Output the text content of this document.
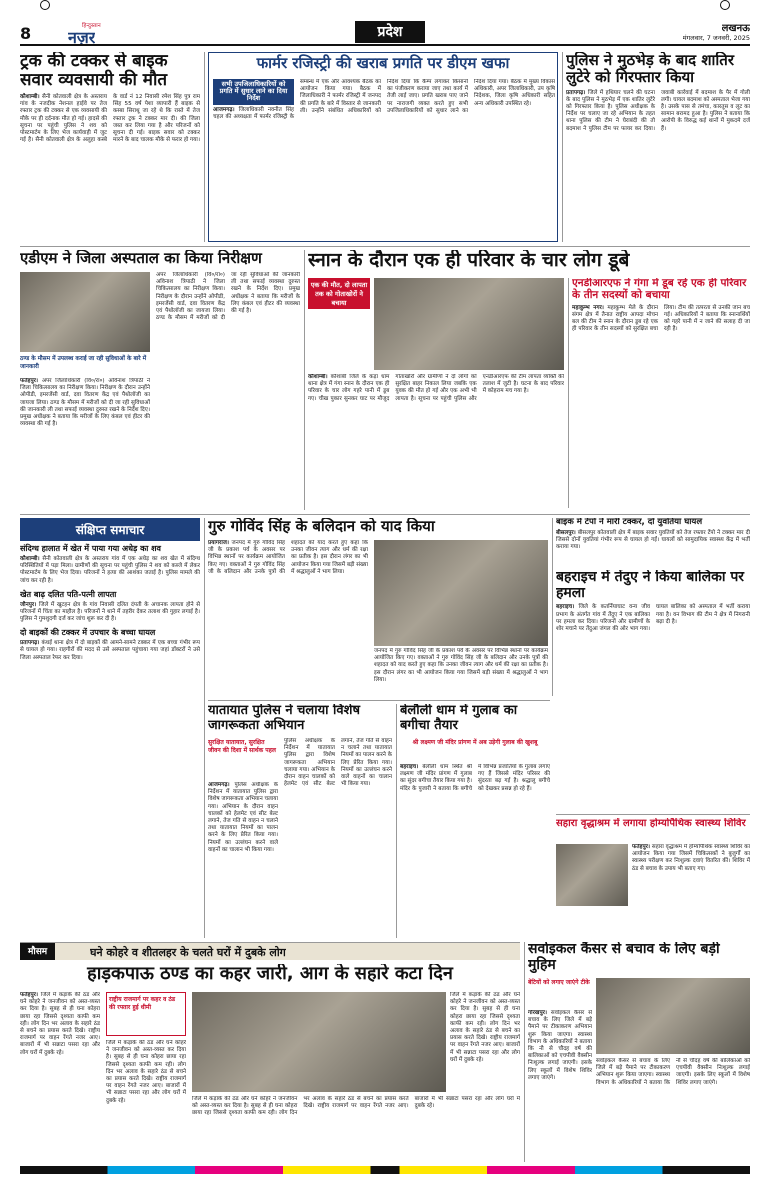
8	हिन्दुस्तान
नज़र	प्रदेश	लखनऊ
मंगलवार, 7 जनवरी, 2025
ट्रक की टक्कर से बाइक सवार व्यवसायी की मौत
कौशाम्बी। सैनी कोतवाली क्षेत्र के अस्तराय गांव के नजदीक नेशनल हाईवे पर तेज रफ्तार ट्रक की टक्कर से एक व्यवसायी की मौके पर ही दर्दनाक मौत हो गई। हादसे की सूचना पर पहुंची पुलिस ने शव को पोस्टमार्टम के लिए भेज कार्यवाही में जुट गई है। सैनी कोतवाली क्षेत्र के अलुहा कस्बे के वार्ड नं 12 निवासी रमेश सिंह पुत्र राम सिंह 55 वर्ष पेशा व्यापारी हैं बाइक से कस्बा सिराथू जा रहे थे कि रास्ते में तेज रफ्तार ट्रक ने टक्कर मार दी। की जिला जब्त कर लिया गया है और परिजनों को सूचना दी गई। बाइक सवार को टक्कर मारने के बाद चालक मौके से फरार हो गया।
फार्मर रजिस्ट्री की खराब प्रगति पर डीएम खफा
सभी उपजिलाधिकारियों को प्रगति में सुधार लाने का दिया निर्देश
आजमगढ़। जिलाधिकारी नवनीत सिंह चहल की अध्यक्षता में फार्मर रजिस्ट्री के सम्बन्ध में एक और आवश्यक बैठक का आयोजन किया गया। बैठक में जिलाधिकारी ने फार्मर रजिस्ट्री में जनपद की प्रगति के बारे में विस्तार से जानकारी ली। उन्होंने संबंधित अधिकारियों को निर्देश दिया कि कैम्प लगाकर किसानों का पंजीकरण कराया जाए तथा कार्य में तेजी लाई जाए। प्रगति खराब पाए जाने पर नाराजगी व्यक्त करते हुए सभी उपजिलाधिकारियों को सुधार लाने का निर्देश दिया गया। बैठक में मुख्य विकास अधिकारी, अपर जिलाधिकारी, उप कृषि निदेशक, जिला कृषि अधिकारी सहित अन्य अधिकारी उपस्थित रहे।
पुलिस ने मुठभेड़ के बाद शातिर लुटेरे को गिरफ्तार किया
प्रतापगढ़। जिले में हथियार चलने की घटना के बाद पुलिस ने मुठभेड़ में एक शातिर लुटेरे को गिरफ्तार किया है। पुलिस अधीक्षक के निर्देश पर चलाए जा रहे अभियान के तहत थाना पुलिस की टीम ने घेराबंदी की तो बदमाश ने पुलिस टीम पर फायर कर दिया। जवाबी कार्रवाई में बदमाश के पैर में गोली लगी। घायल बदमाश को अस्पताल भेजा गया है। उसके पास से तमंचा, कारतूस व लूट का सामान बरामद हुआ है। पुलिस ने बताया कि आरोपी के विरुद्ध कई थानों में मुकदमे दर्ज हैं।
एडीएम ने जिला अस्पताल का किया निरीक्षण
ठण्ड के मौसम में उपलब्ध कराई जा रही सुविधाओं के बारे में जानकारी
फतेहपुर। अपर जिलाधिकारी (वि०/रा०) अविनाश त्रिपाठी ने जिला चिकित्सालय का निरीक्षण किया। निरीक्षण के दौरान उन्होंने ओपीडी, इमरजेंसी वार्ड, दवा वितरण केंद्र एवं पैथोलॉजी का जायजा लिया। ठण्ड के मौसम में मरीजों को दी जा रही सुविधाओं की जानकारी ली तथा सफाई व्यवस्था दुरुस्त रखने के निर्देश दिए। प्रमुख अधीक्षक ने बताया कि मरीजों के लिए कंबल एवं हीटर की व्यवस्था की गई है।
अपर जिलाधिकारी (वि०/रा०) अविनाश त्रिपाठी ने जिला चिकित्सालय का निरीक्षण किया। निरीक्षण के दौरान उन्होंने ओपीडी, इमरजेंसी वार्ड, दवा वितरण केंद्र एवं पैथोलॉजी का जायजा लिया। ठण्ड के मौसम में मरीजों को दी जा रही सुविधाओं की जानकारी ली तथा सफाई व्यवस्था दुरुस्त रखने के निर्देश दिए। प्रमुख अधीक्षक ने बताया कि मरीजों के लिए कंबल एवं हीटर की व्यवस्था की गई है।
स्नान के दौरान एक ही परिवार के चार लोग डूबे
एक की मौत, दो लापता तक को गोताखोरों ने बचाया
कौशाम्बी। कौशांबी जिले के कड़ा धाम थाना क्षेत्र में गंगा स्नान के दौरान एक ही परिवार के चार लोग गहरे पानी में डूब गए। चीख पुकार सुनकर घाट पर मौजूद गोताखोरों और ग्रामीणों ने दो लोगों को सुरक्षित बाहर निकाल लिया जबकि एक युवक की मौत हो गई और एक अभी भी लापता है। सूचना पर पहुंची पुलिस और एनडीआरएफ की टीम लापता व्यक्ति की तलाश में जुटी है। घटना के बाद परिवार में कोहराम मच गया है।
एनडीआरएफ ने गंगा में डूब रहे एक ही परिवार के तीन सदस्यों को बचाया
महाकुम्भ नगर। महाकुम्भ मेले के दौरान संगम क्षेत्र में तैनात राष्ट्रीय आपदा मोचन बल की टीम ने स्नान के दौरान डूब रहे एक ही परिवार के तीन सदस्यों को सुरक्षित बचा लिया। टीम की तत्परता से उनकी जान बच गई। अधिकारियों ने बताया कि स्नानार्थियों को गहरे पानी में न जाने की सलाह दी जा रही है।
संक्षिप्त समाचार
संदिग्ध हालात में खेत में पाया गया अधेड़ का शव
कौशाम्बी। सैनी कोतवाली क्षेत्र के अस्तराय गांव में एक अधेड़ का शव खेत में संदिग्ध परिस्थितियों में पड़ा मिला। ग्रामीणों की सूचना पर पहुंची पुलिस ने शव को कब्जे में लेकर पोस्टमार्टम के लिए भेज दिया। परिजनों ने हत्या की आशंका जताई है। पुलिस मामले की जांच कर रही है।
खेत बाढ़ दलित पति-पत्नी लापता
जौनपुर। जिले में खुटहन क्षेत्र के गांव निवासी दलित दंपती के अचानक लापता होने से परिजनों में चिंता का माहौल है। परिजनों ने थाने में तहरीर देकर तलाश की गुहार लगाई है। पुलिस ने गुमशुदगी दर्ज कर जांच शुरू कर दी है।
दो बाइकों की टक्कर में उपचार के बच्चा घायल
प्रतापगढ़। कंधई थाना क्षेत्र में दो बाइकों की आमने-सामने टक्कर में एक बच्चा गंभीर रूप से घायल हो गया। राहगीरों की मदद से उसे अस्पताल पहुंचाया गया जहां डॉक्टरों ने उसे जिला अस्पताल रेफर कर दिया।
गुरु गोविंद सिंह के बलिदान को याद किया
प्रयागराज। जनपद में गुरु गोविंद सिंह जी के प्रकाश पर्व के अवसर पर विभिन्न स्थानों पर कार्यक्रम आयोजित किए गए। वक्ताओं ने गुरु गोविंद सिंह जी के बलिदान और उनके पुत्रों की शहादत को याद करते हुए कहा कि उनका जीवन त्याग और धर्म की रक्षा का प्रतीक है। इस दौरान लंगर का भी आयोजन किया गया जिसमें बड़ी संख्या में श्रद्धालुओं ने भाग लिया।
जनपद में गुरु गोविंद सिंह जी के प्रकाश पर्व के अवसर पर विभिन्न स्थानों पर कार्यक्रम आयोजित किए गए। वक्ताओं ने गुरु गोविंद सिंह जी के बलिदान और उनके पुत्रों की शहादत को याद करते हुए कहा कि उनका जीवन त्याग और धर्म की रक्षा का प्रतीक है। इस दौरान लंगर का भी आयोजन किया गया जिसमें बड़ी संख्या में श्रद्धालुओं ने भाग लिया।
बाइक में टेंपो ने मारी टक्कर, दो युवतियां घायल
बीसलपुर। बीसलपुर कोतवाली क्षेत्र में बाइक सवार युवतियों को तेज रफ्तार टेंपो ने टक्कर मार दी जिससे दोनों युवतियां गंभीर रूप से घायल हो गईं। घायलों को सामुदायिक स्वास्थ्य केंद्र में भर्ती कराया गया।
बहराइच में तेंदुए ने किया बालिका पर हमला
बहराइच। जिले के कतर्नियाघाट वन्य जीव प्रभाग के अंतर्गत गांव में तेंदुए ने एक बालिका पर हमला कर दिया। परिजनों और ग्रामीणों के शोर मचाने पर तेंदुआ जंगल की ओर भाग गया। घायल बालिका को अस्पताल में भर्ती कराया गया है। वन विभाग की टीम ने क्षेत्र में निगरानी बढ़ा दी है।
यातायात पुलिस ने चलाया विशेष जागरूकता अभियान
सुरक्षित यातायात, सुरक्षित जीवन की दिशा में सार्थक पहल
आजमगढ़। पुलिस अधीक्षक के निर्देशन में यातायात पुलिस द्वारा विशेष जागरूकता अभियान चलाया गया। अभियान के दौरान वाहन चालकों को हेलमेट एवं सीट बेल्ट लगाने, तेज गति से वाहन न चलाने तथा यातायात नियमों का पालन करने के लिए प्रेरित किया गया। नियमों का उल्लंघन करने वाले वाहनों का चालान भी किया गया।
पुलिस अधीक्षक के निर्देशन में यातायात पुलिस द्वारा विशेष जागरूकता अभियान चलाया गया। अभियान के दौरान वाहन चालकों को हेलमेट एवं सीट बेल्ट लगाने, तेज गति से वाहन न चलाने तथा यातायात नियमों का पालन करने के लिए प्रेरित किया गया। नियमों का उल्लंघन करने वाले वाहनों का चालान भी किया गया।
बेलौली धाम में गुलाब का बगीचा तैयार
श्री लक्ष्मण जी मंदिर प्रांगण में अब उड़ेगी गुलाब की खुशबू
बहराइच। बेलौली धाम स्थित श्री लक्ष्मण जी मंदिर प्रांगण में गुलाब का सुंदर बगीचा तैयार किया गया है। मंदिर के पुजारी ने बताया कि बगीचे में विभिन्न प्रजातियों के गुलाब लगाए गए हैं जिससे मंदिर परिसर की सुंदरता बढ़ गई है। श्रद्धालु बगीचे को देखकर प्रसन्न हो रहे हैं।
सहारा वृद्धाश्रम में लगाया होम्योपैथिक स्वास्थ्य शिविर
फतेहपुर। सहारा वृद्धाश्रम में होम्योपैथिक स्वास्थ्य शिविर का आयोजन किया गया जिसमें चिकित्सकों ने बुजुर्गों का स्वास्थ्य परीक्षण कर निःशुल्क दवाएं वितरित कीं। शिविर में ठंड से बचाव के उपाय भी बताए गए।
मौसम	घने कोहरे व शीतलहर के चलते घरों में दुबके लोग
हाड़कपाऊ ठण्ड का कहर जारी, आग के सहारे कटा दिन
फतेहपुर। जिले में कड़ाके की ठंड और घने कोहरे ने जनजीवन को अस्त-व्यस्त कर दिया है। सुबह से ही घना कोहरा छाया रहा जिससे दृश्यता काफी कम रही। लोग दिन भर अलाव के सहारे ठंड से बचने का प्रयास करते दिखे। राष्ट्रीय राजमार्ग पर वाहन रेंगते नजर आए। बाजारों में भी सन्नाटा पसरा रहा और लोग घरों में दुबके रहे।
राष्ट्रीय राजमार्ग पर कहर व ठंड की रफ्तार हुई धीमी
जिले में कड़ाके की ठंड और घने कोहरे ने जनजीवन को अस्त-व्यस्त कर दिया है। सुबह से ही घना कोहरा छाया रहा जिससे दृश्यता काफी कम रही। लोग दिन भर अलाव के सहारे ठंड से बचने का प्रयास करते दिखे। राष्ट्रीय राजमार्ग पर वाहन रेंगते नजर आए। बाजारों में भी सन्नाटा पसरा रहा और लोग घरों में दुबके रहे।	जिले में कड़ाके की ठंड और घने कोहरे ने जनजीवन को अस्त-व्यस्त कर दिया है। सुबह से ही घना कोहरा छाया रहा जिससे दृश्यता काफी कम रही। लोग दिन भर अलाव के सहारे ठंड से बचने का प्रयास करते दिखे। राष्ट्रीय राजमार्ग पर वाहन रेंगते नजर आए। बाजारों में भी सन्नाटा पसरा रहा और लोग घरों में दुबके रहे।
जिले में कड़ाके की ठंड और घने कोहरे ने जनजीवन को अस्त-व्यस्त कर दिया है। सुबह से ही घना कोहरा छाया रहा जिससे दृश्यता काफी कम रही। लोग दिन भर अलाव के सहारे ठंड से बचने का प्रयास करते दिखे। राष्ट्रीय राजमार्ग पर वाहन रेंगते नजर आए। बाजारों में भी सन्नाटा पसरा रहा और लोग घरों में दुबके रहे।
सर्वाइकल कैंसर से बचाव के लिए बड़ी मुहिम
बेटियों को लगाए जाएंगे टीके
गोरखपुर। सर्वाइकल कैंसर से बचाव के लिए जिले में बड़े पैमाने पर टीकाकरण अभियान शुरू किया जाएगा। स्वास्थ्य विभाग के अधिकारियों ने बताया कि नौ से चौदह वर्ष की बालिकाओं को एचपीवी वैक्सीन निःशुल्क लगाई जाएगी। इसके लिए स्कूलों में विशेष शिविर लगाए जाएंगे।
सर्वाइकल कैंसर से बचाव के लिए जिले में बड़े पैमाने पर टीकाकरण अभियान शुरू किया जाएगा। स्वास्थ्य विभाग के अधिकारियों ने बताया कि नौ से चौदह वर्ष की बालिकाओं को एचपीवी वैक्सीन निःशुल्क लगाई जाएगी। इसके लिए स्कूलों में विशेष शिविर लगाए जाएंगे।
